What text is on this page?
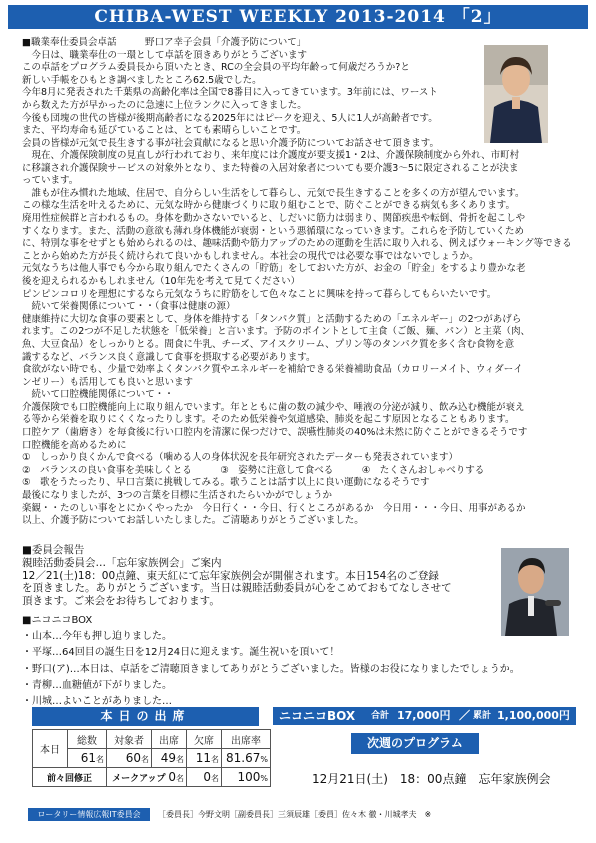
CHIBA-WEST WEEKLY 2013-2014 「2」

■職業奉仕委員会卓話　　　野口ア幸子会員「介護予防について」

　今日は、職業奉仕の一環として卓話を頂きありがとうございます

この卓話をプログラム委員長から頂いたとき、RCの全会員の平均年齢って何歳だろうか?と

新しい手帳をひもとき調べましたところ62.5歳でした。

今年8月に発表された千葉県の高齢化率は全国で8番目に入ってきています。3年前には、ワースト

から数えた方が早かったのに急速に上位ランクに入ってきました。

今後も団塊の世代の皆様が後期高齢者になる2025年にはピークを迎え、5人に1人が高齢者です。

また、平均寿命も延びていることは、とても素晴らしいことです。

会員の皆様が元気で長生きする事が社会貢献になると思い介護予防についてお話させて頂きます。

　現在、介護保険制度の見直しが行われており、来年度には介護度が要支援1・2は、介護保険制度から外れ、市町村

に移譲され介護保険サービスの対象外となり、また特養の入居対象者についても要介護3〜5に限定されることが決ま

っています。

　誰もが住み慣れた地域、住居で、自分らしい生活をして暮らし、元気で長生きすることを多くの方が望んでいます。

この様な生活を叶えるために、元気な時から健康づくりに取り組むことで、防ぐことができる病気も多くあります。

廃用性症候群と言われるもの。身体を動かさないでいると、しだいに筋力は弱まり、関節疾患や転倒、骨折を起こしや

すくなります。また、活動の意欲も薄れ身体機能が衰弱・という悪循環になっていきます。これらを予防していくため

に、特別な事をせずとも始められるのは、趣味活動や筋力アップのための運動を生活に取り入れる、例えばウォーキング等できる

ことから始めた方が長く続けられて良いかもしれません。本社会の現代では必要な事ではないでしょうか。

元気なうちは他人事でも今から取り組んでたくさんの「貯筋」をしておいた方が、お金の「貯金」をするより豊かな老

後を迎えられるかもしれません（10年先を考えて見てください）

ピンピンコロリを理想にするなら元気なうちに貯筋をして色々なことに興味を持って暮らしてもらいたいです。

　続いて栄養関係について・・（食事は健康の源）

健康維持に大切な食事の要素として、身体を維持する「タンパク質」と活動するための「エネルギー」の2つがあげら

れます。この2つが不足した状態を「低栄養」と言います。予防のポイントとして主食（ご飯、麺、パン）と主菜（肉、

魚、大豆食品）をしっかりとる。間食に牛乳、チーズ、アイスクリーム、プリン等のタンパク質を多く含む食物を意

識するなど、バランス良く意識して食事を摂取する必要があります。

食欲がない時でも、少量で効率よくタンパク質やエネルギーを補給できる栄養補助食品（カロリーメイト、ウィダーイ

ンゼリー）も活用しても良いと思います

　続いて口腔機能関係について・・

介護保険でも口腔機能向上に取り組んでいます。年とともに歯の数の減少や、唾液の分泌が減り、飲み込む機能が衰え

る等から栄養を取りにくくなったりします。そのため低栄養や気道感染、肺炎を起こす原因となることもあります。

口腔ケア（歯磨き）を毎食後に行い口腔内を清潔に保つだけで、誤嚥性肺炎の40%は未然に防ぐことができるそうです

口腔機能を高めるために

①　しっかり良くかんで食べる（噛める人の身体状況を長年研究されたデーターも発表されています）

②　バランスの良い食事を美味しくとる　　　③　姿勢に注意して食べる　　　④　たくさんおしゃべりする

⑤　歌をうたったり、早口言葉に挑戦してみる。歌うことは話す以上に良い運動になるそうです

最後になりましたが、3つの言葉を目標に生活されたらいかがでしょうか

楽観・・たのしい事をとにかくやったか　今日行く・・今日、行くところがあるか　今日用・・・今日、用事があるか

以上、介護予防についてお話しいたしました。ご清聴ありがとうございました。

■委員会報告

親睦活動委員会…「忘年家族例会」ご案内

12／21(土)18：00点鐘、東天紅にて忘年家族例会が開催されます。本日154名のご登録

を頂きました。ありがとうございます。当日は親睦活動委員が心をこめておもてなしさせて

頂きます。ご来会をお待ちしております。

■ニコニコBOX

・山本…今年も押し迫りました。

・平塚…64回目の誕生日を12月24日に迎えます。誕生祝いを頂いて！

・野口(ア)…本日は、卓話をご清聴頂きましてありがとうございました。皆様のお役になりましたでしょうか。

・青柳…血糖値が下がりました。

・川城…よいことがありました…

本日の出席
本日	総数	対象者	出席	欠席	出席率
	61名	60名	49名	11名	81.67%
前々回修正		メークアップ 0名		0名	100%
ニコニコBOX 合計 17,000円 ／ 累計 1,100,000円
次週のプログラム
12月21日(土)　18：00点鐘　忘年家族例会
ロータリー情報広報IT委員会	［委員長］今野文明［副委員長］三須辰雄［委員］佐々木 徹・川城孝夫　※
